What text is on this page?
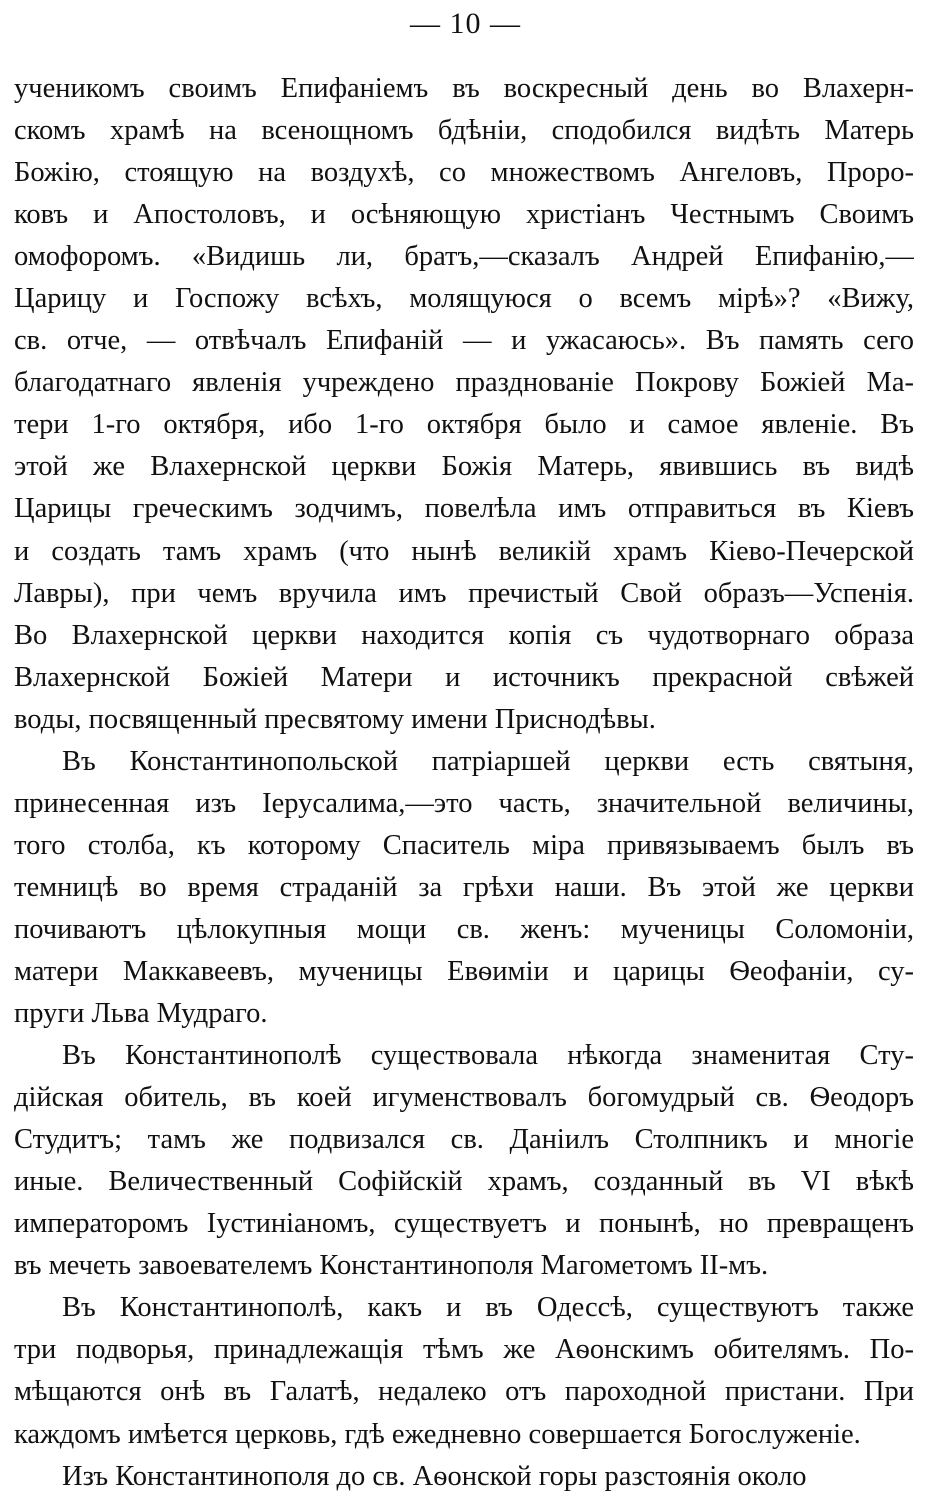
— 10 —
ученикомъ своимъ Епифаніемъ въ воскресный день во Влахерн-
скомъ храмѣ на всенощномъ бдѣніи, сподобился видѣть Матерь
Божію, стоящую на воздухѣ, со множествомъ Ангеловъ, Проро-
ковъ и Апостоловъ, и осѣняющую христіанъ Честнымъ Своимъ
омофоромъ. «Видишь ли, братъ,—сказалъ Андрей Епифанію,—
Царицу и Госпожу всѣхъ, молящуюся о всемъ мірѣ»? «Вижу,
св. отче, — отвѣчалъ Епифаній — и ужасаюсь». Въ память сего
благодатнаго явленія учреждено празднованіе Покрову Божіей Ма-
тери 1-го октября, ибо 1-го октября было и самое явленіе. Въ
этой же Влахернской церкви Божія Матерь, явившись въ видѣ
Царицы греческимъ зодчимъ, повелѣла имъ отправиться въ Кіевъ
и создать тамъ храмъ (что нынѣ великій храмъ Кіево-Печерской
Лавры), при чемъ вручила имъ пречистый Свой образъ—Успенія.
Во Влахернской церкви находится копія съ чудотворнаго образа
Влахернской Божіей Матери и источникъ прекрасной свѣжей
воды, посвященный пресвятому имени Приснодѣвы.
Въ Константинопольской патріаршей церкви есть святыня,
принесенная изъ Іерусалима,—это часть, значительной величины,
того столба, къ которому Спаситель міра привязываемъ былъ въ
темницѣ во время страданій за грѣхи наши. Въ этой же церкви
почиваютъ цѣлокупныя мощи св. женъ: мученицы Соломоніи,
матери Маккавеевъ, мученицы Евѳиміи и царицы Ѳеофаніи, су-
пруги Льва Мудраго.
Въ Константинополѣ существовала нѣкогда знаменитая Сту-
дійская обитель, въ коей игуменствовалъ богомудрый св. Ѳеодоръ
Студитъ; тамъ же подвизался св. Даніилъ Столпникъ и многіе
иные. Величественный Софійскій храмъ, созданный въ VI вѣкѣ
императоромъ Іустиніаномъ, существуетъ и понынѣ, но превращенъ
въ мечеть завоевателемъ Константинополя Магометомъ II-мъ.
Въ Константинополѣ, какъ и въ Одессѣ, существуютъ также
три подворья, принадлежащія тѣмъ же Аѳонскимъ обителямъ. По-
мѣщаются онѣ въ Галатѣ, недалеко отъ пароходной пристани. При
каждомъ имѣется церковь, гдѣ ежедневно совершается Богослуженіе.
Изъ Константинополя до св. Аѳонской горы разстоянія около
